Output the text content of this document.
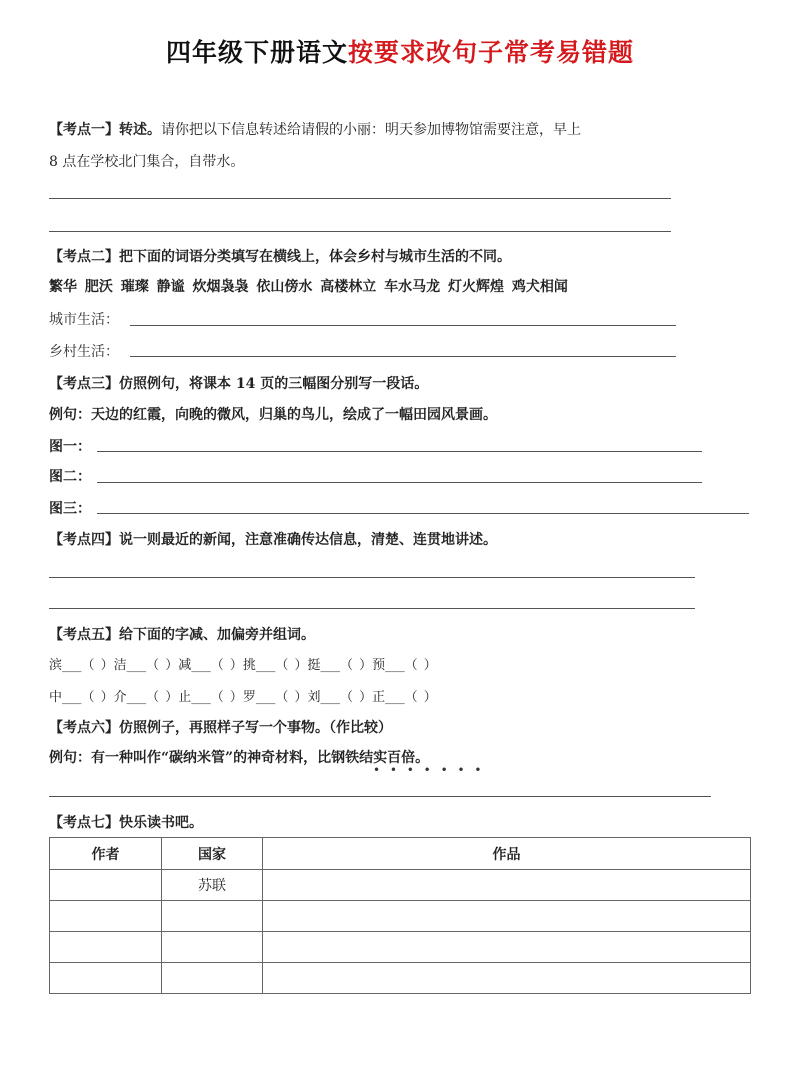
四年级下册语文按要求改句子常考易错题
【考点一】转述。请你把以下信息转述给请假的小丽：明天参加博物馆需要注意，早上
8 点在学校北门集合，自带水。
【考点二】把下面的词语分类填写在横线上，体会乡村与城市生活的不同。
繁华 肥沃 璀璨 静谧 炊烟袅袅 依山傍水 高楼林立 车水马龙 灯火辉煌 鸡犬相闻
城市生活：
乡村生活：
【考点三】仿照例句，将课本 14 页的三幅图分别写一段话。
例句：天边的红霞，向晚的微风，归巢的鸟儿，绘成了一幅田园风景画。
图一：
图二：
图三：
【考点四】说一则最近的新闻，注意准确传达信息，清楚、连贯地讲述。
【考点五】给下面的字减、加偏旁并组词。
滨___（ ）洁___（ ）减___（ ）挑___（ ）挺___（ ）预___（ ）
中___（ ）介___（ ）止___（ ）罗___（ ）刘___（ ）正___（ ）
【考点六】仿照例子，再照样子写一个事物。（作比较）
例句：有一种叫作“碳纳米管”的神奇材料，比钢铁结实百倍。
• • • • • • •
【考点七】快乐读书吧。
作者	国家	作品
	苏联	
